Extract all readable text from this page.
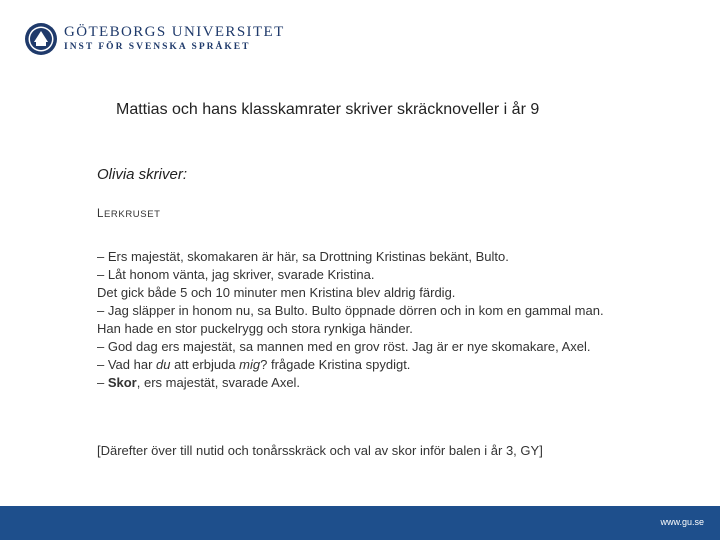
GÖTEBORGS UNIVERSITET
INST FÖR SVENSKA SPRÅKET
Mattias och hans klasskamrater skriver skräcknoveller i år 9
Olivia skriver:
LERKRUSET
– Ers majestät, skomakaren är här, sa Drottning Kristinas bekänt, Bulto.
– Låt honom vänta, jag skriver, svarade Kristina.
Det gick både 5 och 10 minuter men Kristina blev aldrig färdig.
– Jag släpper in honom nu, sa Bulto. Bulto öppnade dörren och in kom en gammal man. Han hade en stor puckelrygg och stora rynkiga händer.
– God dag ers majestät, sa mannen med en grov röst. Jag är er nye skomakare, Axel.
– Vad har du att erbjuda mig? frågade Kristina spydigt.
– Skor, ers majestät, svarade Axel.
[Därefter över till nutid och tonårsskräck och val av skor inför balen i år 3, GY]
www.gu.se
